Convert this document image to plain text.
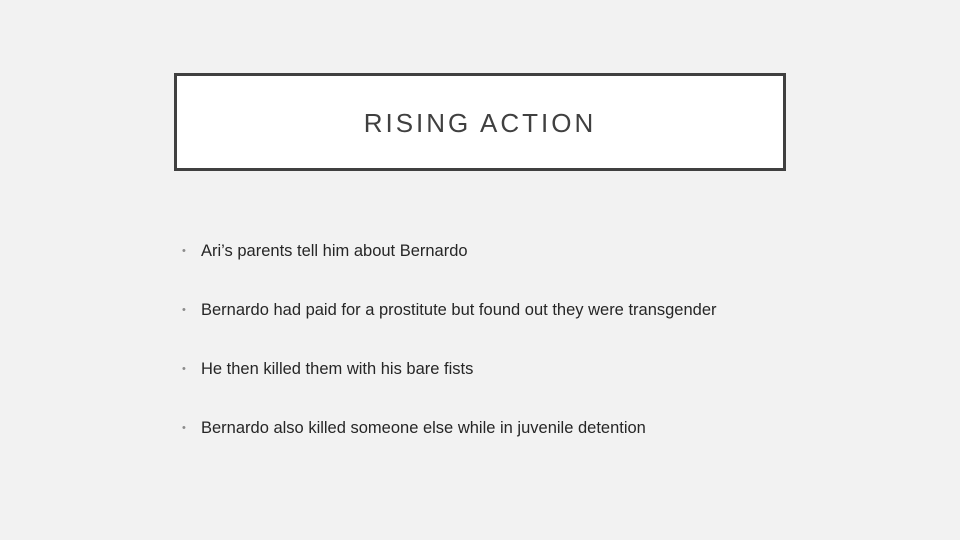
RISING ACTION
• Ari’s parents tell him about Bernardo
• Bernardo had paid for a prostitute but found out they were transgender
• He then killed them with his bare fists
• Bernardo also killed someone else while in juvenile detention
